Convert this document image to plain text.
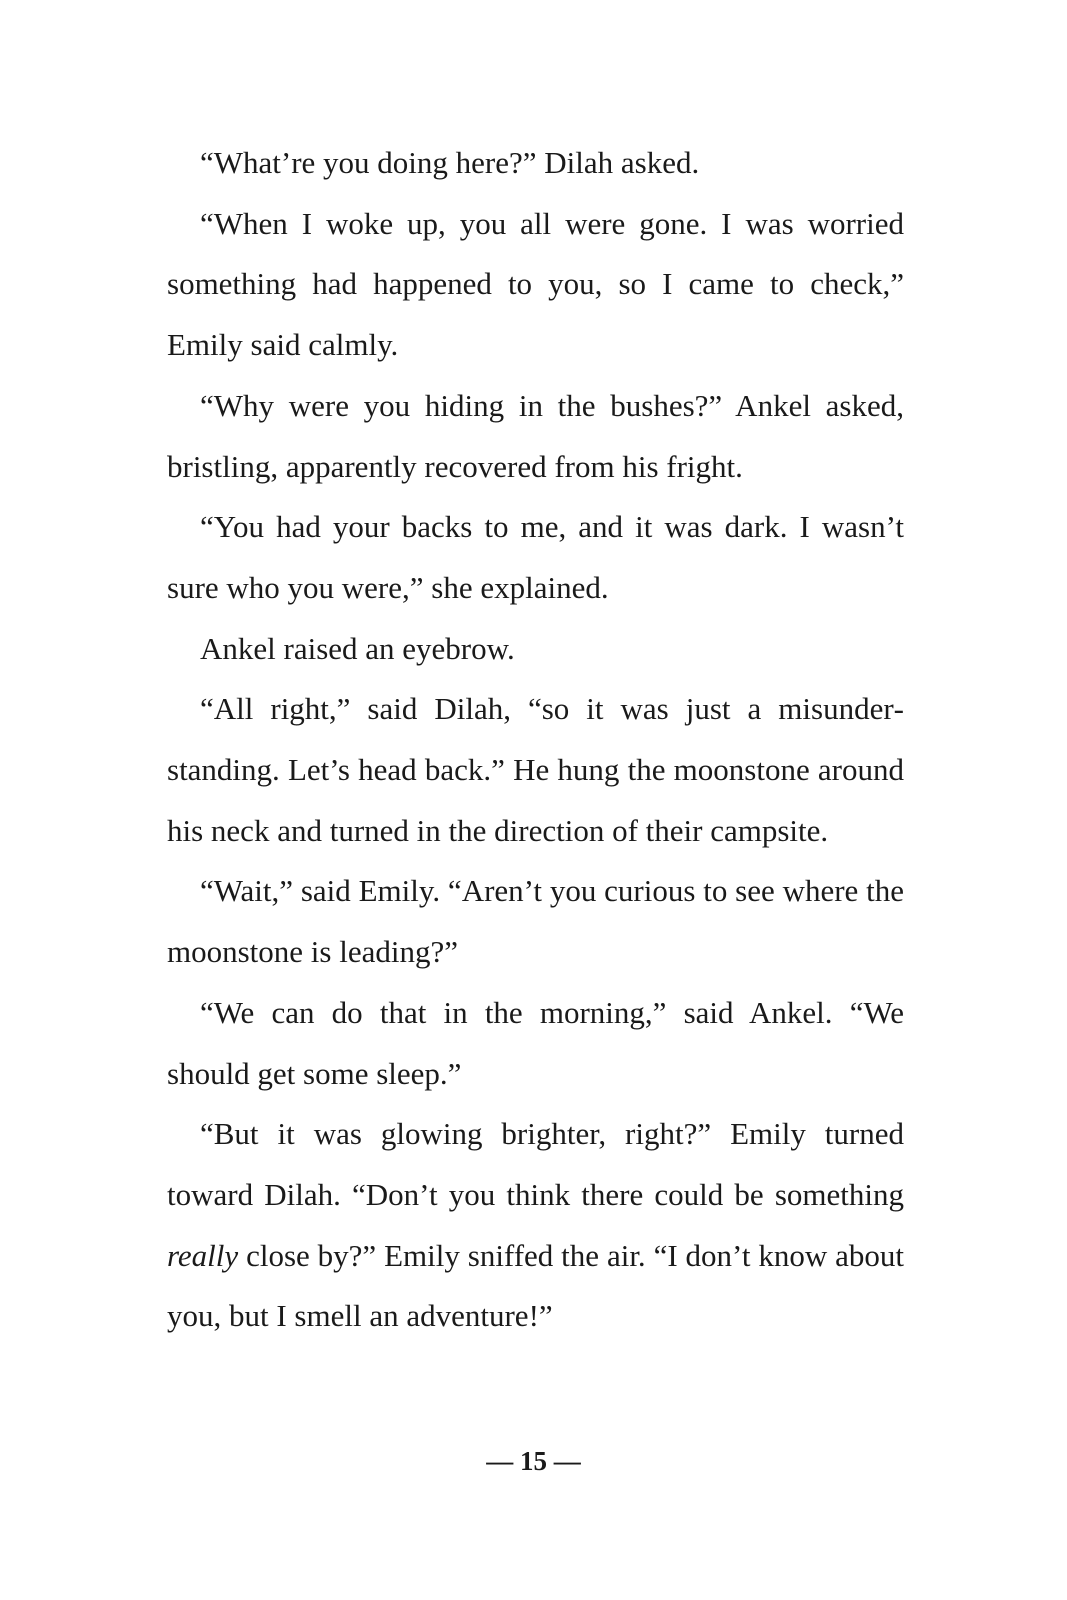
“What’re you doing here?” Dilah asked.

“When I woke up, you all were gone. I was worried something had happened to you, so I came to check,” Emily said calmly.

“Why were you hiding in the bushes?” Ankel asked, bristling, apparently recovered from his fright.

“You had your backs to me, and it was dark. I wasn’t sure who you were,” she explained.

Ankel raised an eyebrow.

“All right,” said Dilah, “so it was just a misunderstanding. Let’s head back.” He hung the moonstone around his neck and turned in the direction of their campsite.

“Wait,” said Emily. “Aren’t you curious to see where the moonstone is leading?”

“We can do that in the morning,” said Ankel. “We should get some sleep.”

“But it was glowing brighter, right?” Emily turned toward Dilah. “Don’t you think there could be something really close by?” Emily sniffed the air. “I don’t know about you, but I smell an adventure!”

— 15 —
